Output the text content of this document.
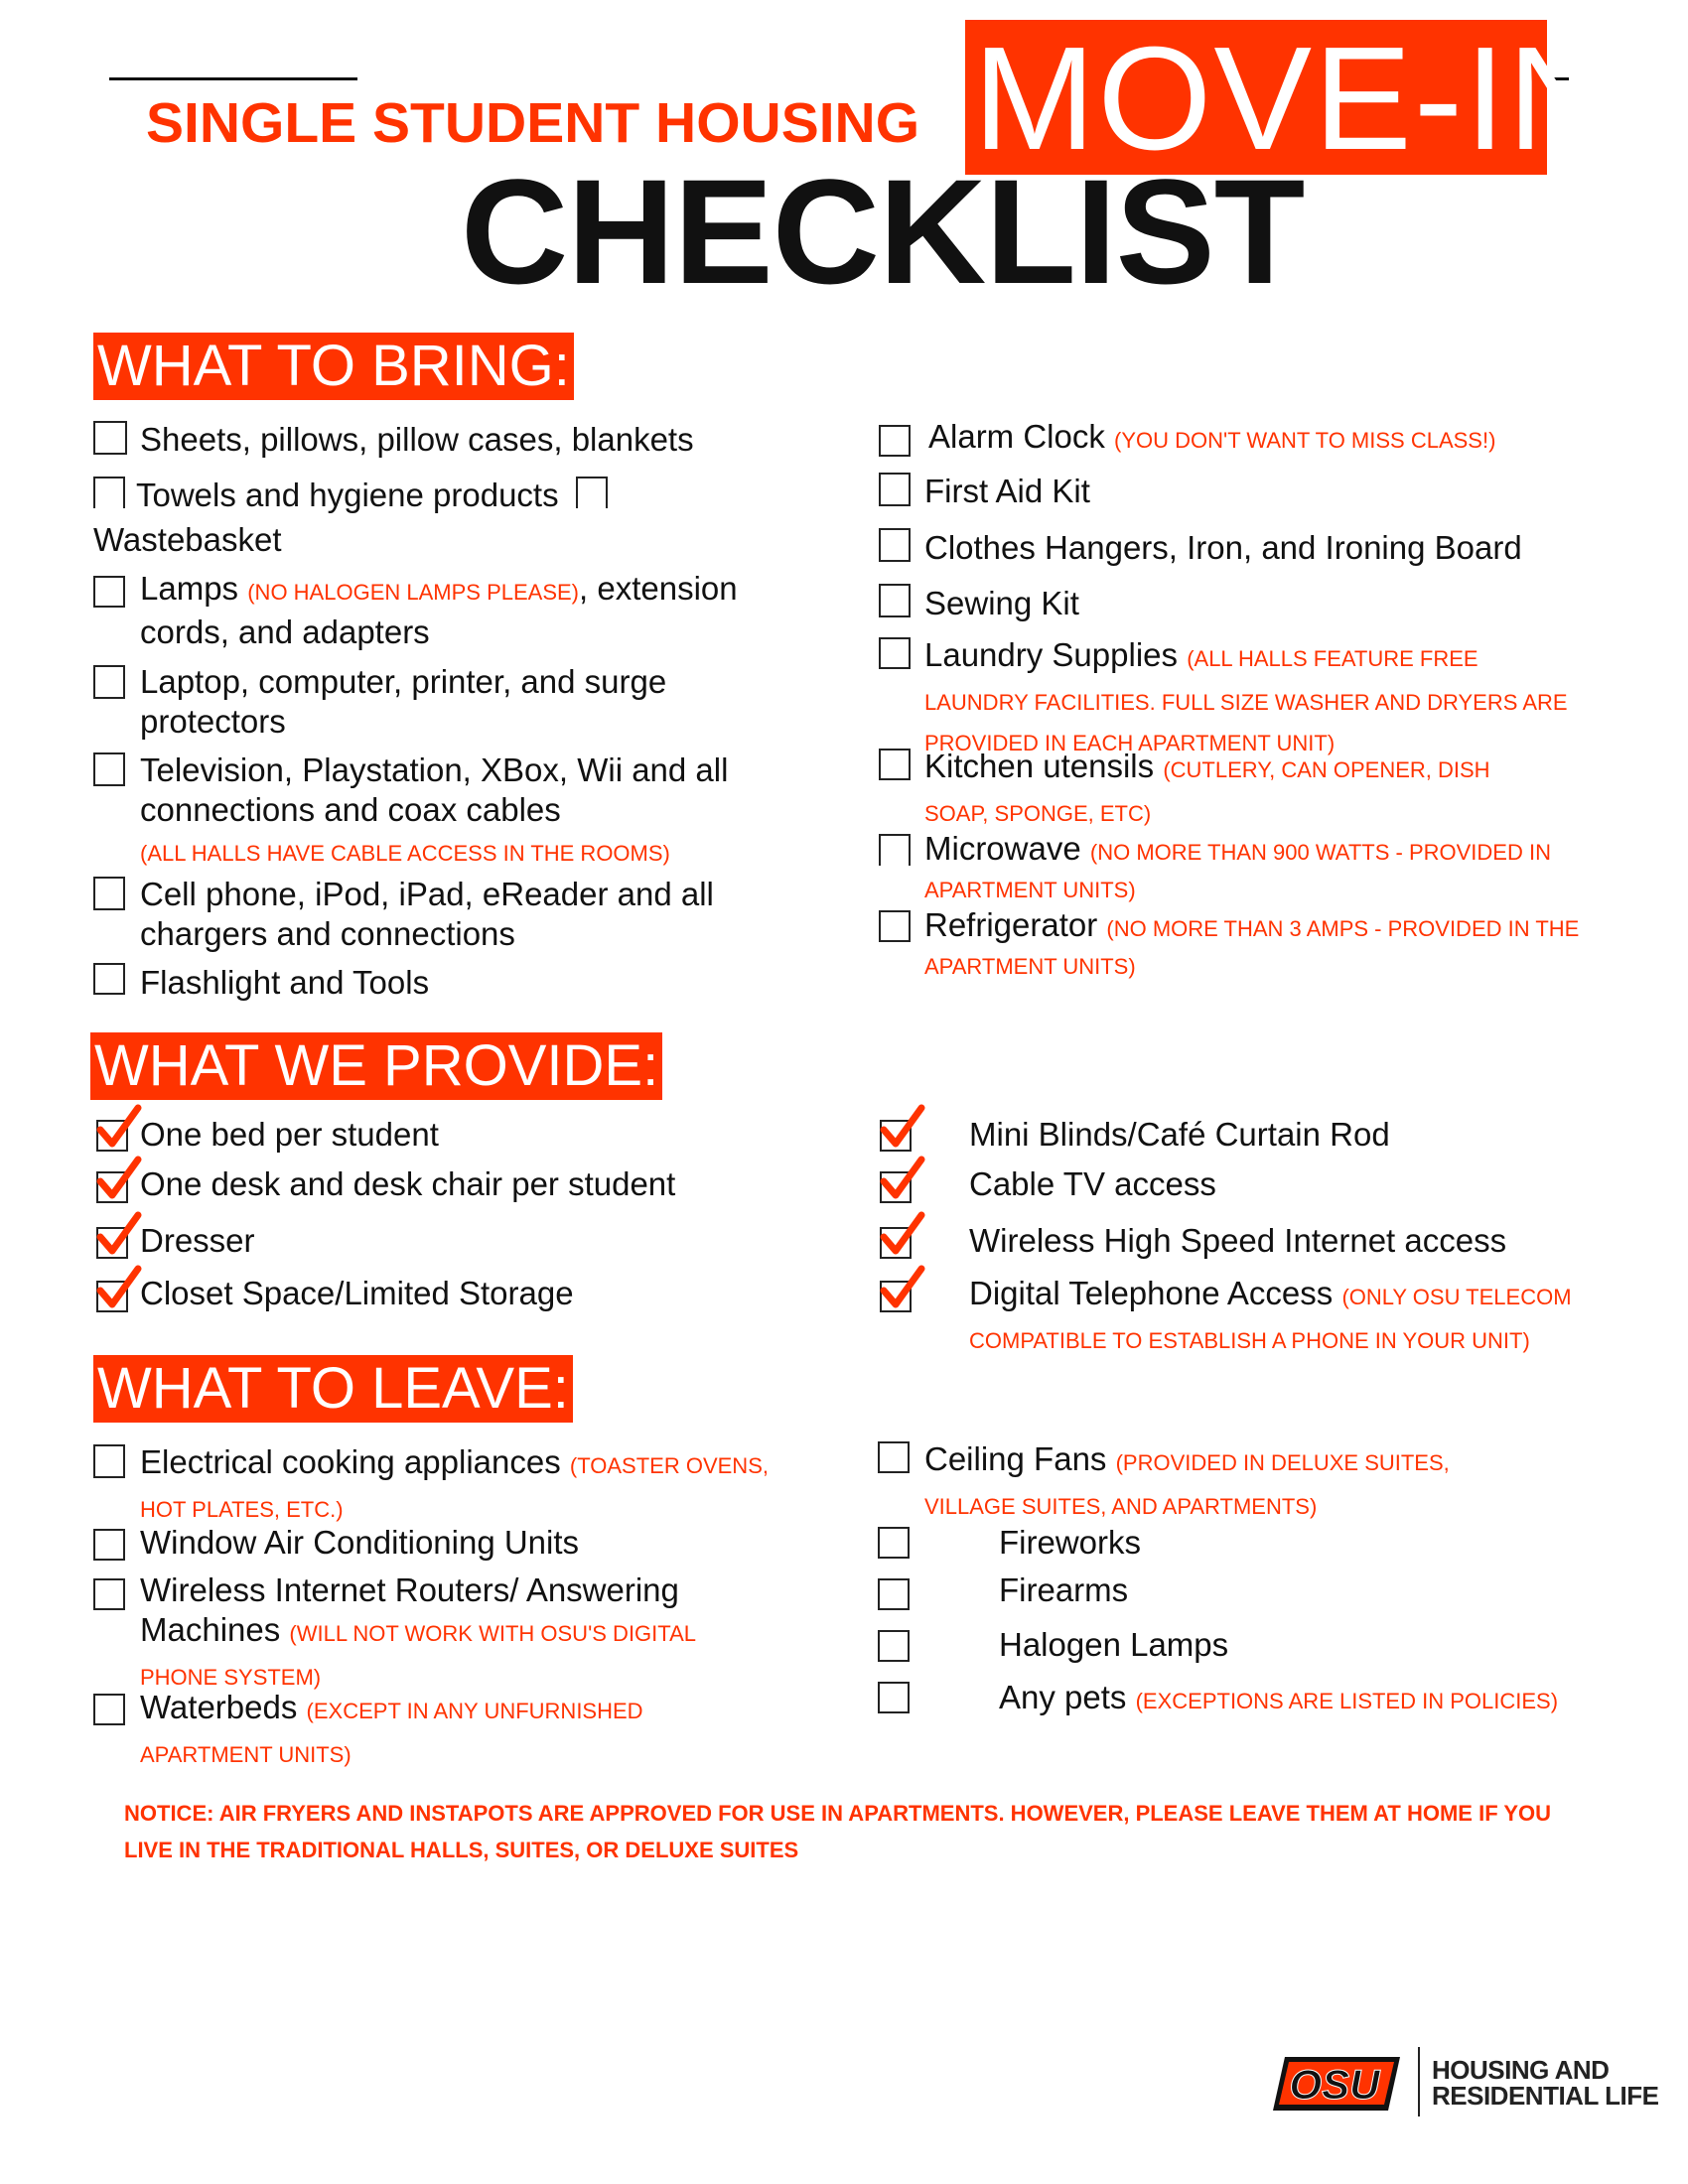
SINGLE STUDENT HOUSING MOVE-IN
CHECKLIST
WHAT TO BRING:
Sheets, pillows, pillow cases, blankets
Towels and hygiene products
Wastebasket
Lamps (NO HALOGEN LAMPS PLEASE), extension
cords, and adapters
Laptop, computer, printer, and surge
protectors
Television, Playstation, XBox, Wii and all
connections and coax cables
(ALL HALLS HAVE CABLE ACCESS IN THE ROOMS)
Cell phone, iPod, iPad, eReader and all
chargers and connections
Flashlight and Tools
Alarm Clock (YOU DON'T WANT TO MISS CLASS!)
First Aid Kit
Clothes Hangers, Iron, and Ironing Board
Sewing Kit
Laundry Supplies (ALL HALLS FEATURE FREE
LAUNDRY FACILITIES. FULL SIZE WASHER AND DRYERS ARE
PROVIDED IN EACH APARTMENT UNIT)
Kitchen utensils (CUTLERY, CAN OPENER, DISH
SOAP, SPONGE, ETC)
Microwave (NO MORE THAN 900 WATTS - PROVIDED IN
APARTMENT UNITS)
Refrigerator (NO MORE THAN 3 AMPS - PROVIDED IN THE
APARTMENT UNITS)
WHAT WE PROVIDE:
One bed per student
One desk and desk chair per student
Dresser
Closet Space/Limited Storage
Mini Blinds/Café Curtain Rod
Cable TV access
Wireless High Speed Internet access
Digital Telephone Access (ONLY OSU TELECOM
COMPATIBLE TO ESTABLISH A PHONE IN YOUR UNIT)
WHAT TO LEAVE:
Electrical cooking appliances (TOASTER OVENS,
HOT PLATES, ETC.)
Window Air Conditioning Units
Wireless Internet Routers/ Answering
Machines (WILL NOT WORK WITH OSU'S DIGITAL
PHONE SYSTEM)
Waterbeds (EXCEPT IN ANY UNFURNISHED
APARTMENT UNITS)
Ceiling Fans (PROVIDED IN DELUXE SUITES,
VILLAGE SUITES, AND APARTMENTS)
Fireworks
Firearms
Halogen Lamps
Any pets (EXCEPTIONS ARE LISTED IN POLICIES)
NOTICE: AIR FRYERS AND INSTAPOTS ARE APPROVED FOR USE IN APARTMENTS. HOWEVER, PLEASE LEAVE THEM AT HOME IF YOU LIVE IN THE TRADITIONAL HALLS, SUITES, OR DELUXE SUITES
OSU HOUSING AND
RESIDENTIAL LIFE
